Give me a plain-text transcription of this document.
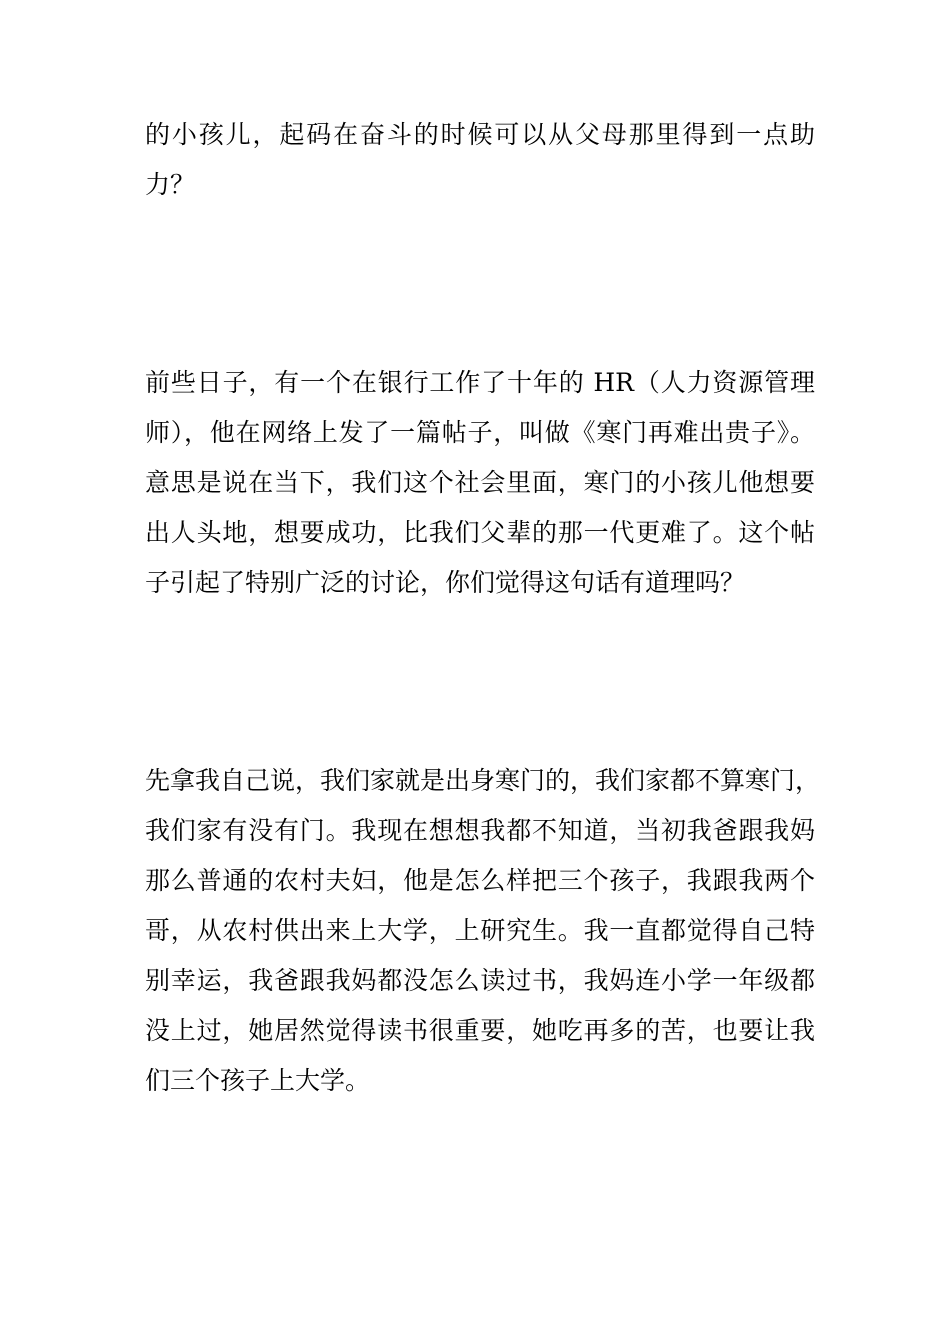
的小孩儿，起码在奋斗的时候可以从父母那里得到一点助
力？
前些日子，有一个在银行工作了十年的 HR（人力资源管理
师），他在网络上发了一篇帖子，叫做《寒门再难出贵子》。
意思是说在当下，我们这个社会里面，寒门的小孩儿他想要
出人头地，想要成功，比我们父辈的那一代更难了。这个帖
子引起了特别广泛的讨论，你们觉得这句话有道理吗？
先拿我自己说，我们家就是出身寒门的，我们家都不算寒门，
我们家有没有门。我现在想想我都不知道，当初我爸跟我妈
那么普通的农村夫妇，他是怎么样把三个孩子，我跟我两个
哥，从农村供出来上大学，上研究生。我一直都觉得自己特
别幸运，我爸跟我妈都没怎么读过书，我妈连小学一年级都
没上过，她居然觉得读书很重要，她吃再多的苦，也要让我
们三个孩子上大学。
